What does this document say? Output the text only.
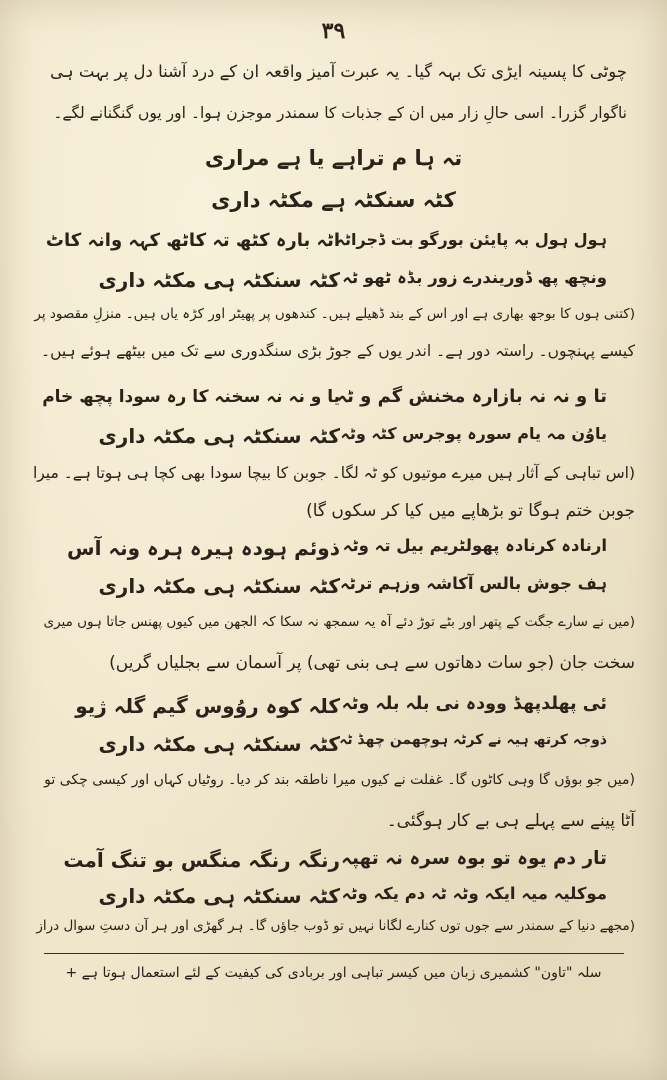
۳۹
چوٹی کا پسینہ ایڑی تک بہہ گیا۔ یہ عبرت آمیز واقعہ ان کے درد آشنا دل پر بہت ہی
ناگوار گزرا۔ اسی حالِ زار میں ان کے جذبات کا سمندر موجزن ہوا۔ اور یوں گنگنانے لگے۔
تہ ہا م تراہے یا ہے مراری
کٹہ سنکٹہ ہے مکٹہ داری
ہول ہول بہ پایئن بورگو بت ڈجراٹہ
اٹہ بارہ کٹھ تہ کاٹھ کہہ وانہ کاٹ
ونچھ پھ ڈوریندرے زور بڈہ ٹھو ٹہ
کٹہ سنکٹہ ہی مکٹہ داری
(کتنی ہوں کا بوجھ بھاری ہے اور اس کے بند ڈھیلے ہیں۔ کندھوں پر پھیٹر اور کڑہ یاں ہیں۔ منزلِ مقصود پر
کیسے پہنچوں۔ راستہ دور ہے۔ اندر یوں کے جوڑ بڑی سنگدوری سے تک میں بیٹھے ہوئے ہیں۔
تا و نہ نہ بازارہ مخنش گم و ٹہ
یا و نہ نہ سخنہ کا رہ سودا پچھ خام
یاوُن مہ یام سورہ پوجرس کٹہ وٹہ
کٹہ سنکٹہ ہی مکٹہ داری
(اس تباہی کے آثار ہیں میرے موتیوں کو ٹہ لگا۔ جوبن کا بیچا سودا بھی کچا ہی ہوتا ہے۔ میرا
جوبن ختم ہوگا تو بڑھاپے میں کیا کر سکوں گا)
ارنادہ کرنادہ پھولٹریم بیل تہ وٹہ
ذوئم ہودہ ہیرہ ہرہ ونہ آس
ہف جوش بالس آکاشہ وزہم ترٹہ
کٹہ سنکٹہ ہی مکٹہ داری
(میں نے سارے جگت کے پتھر اور بٹے توڑ دئے آہ یہ سمجھ نہ سکا کہ الجھن میں کیوں پھنس جاتا ہوں میری
سخت جان (جو سات دھاتوں سے ہی بنی تھی) پر آسمان سے بجلیاں گریں)
ئی پھلدپھڈ وودہ نی بلہ بلہ وٹہ
کلہ کوہ روُوس گیم گلہ ژیو
ذوجہ کرتھ ہیہ نے کرٹہ ہوچھمن چھڈ ٹہ
کٹہ سنکٹہ ہی مکٹہ داری
(میں جو بوؤں گا وہی کاٹوں گا۔ غفلت نے کیوں میرا ناطقہ بند کر دیا۔ روٹیاں کہاں اور کیسی چکی تو
آٹا پینے سے پہلے ہی بے کار ہوگئی۔
تار دم یوہ تو بوہ سرہ نہ تھپہ
رنگہ رنگہ منگس بو تنگ آمت
موکلیہ میہ ایکہ وٹہ ٹہ دم یکہ وٹہ
کٹہ سنکٹہ ہی مکٹہ داری
(مجھے دنیا کے سمندر سے جوں توں کنارے لگانا نہیں تو ڈوب جاؤں گا۔ ہر گھڑی اور ہر آن دستِ سوال دراز
سلہ "تاون" کشمیری زبان میں کیسر تباہی اور بربادی کی کیفیت کے لئے استعمال ہوتا ہے +
